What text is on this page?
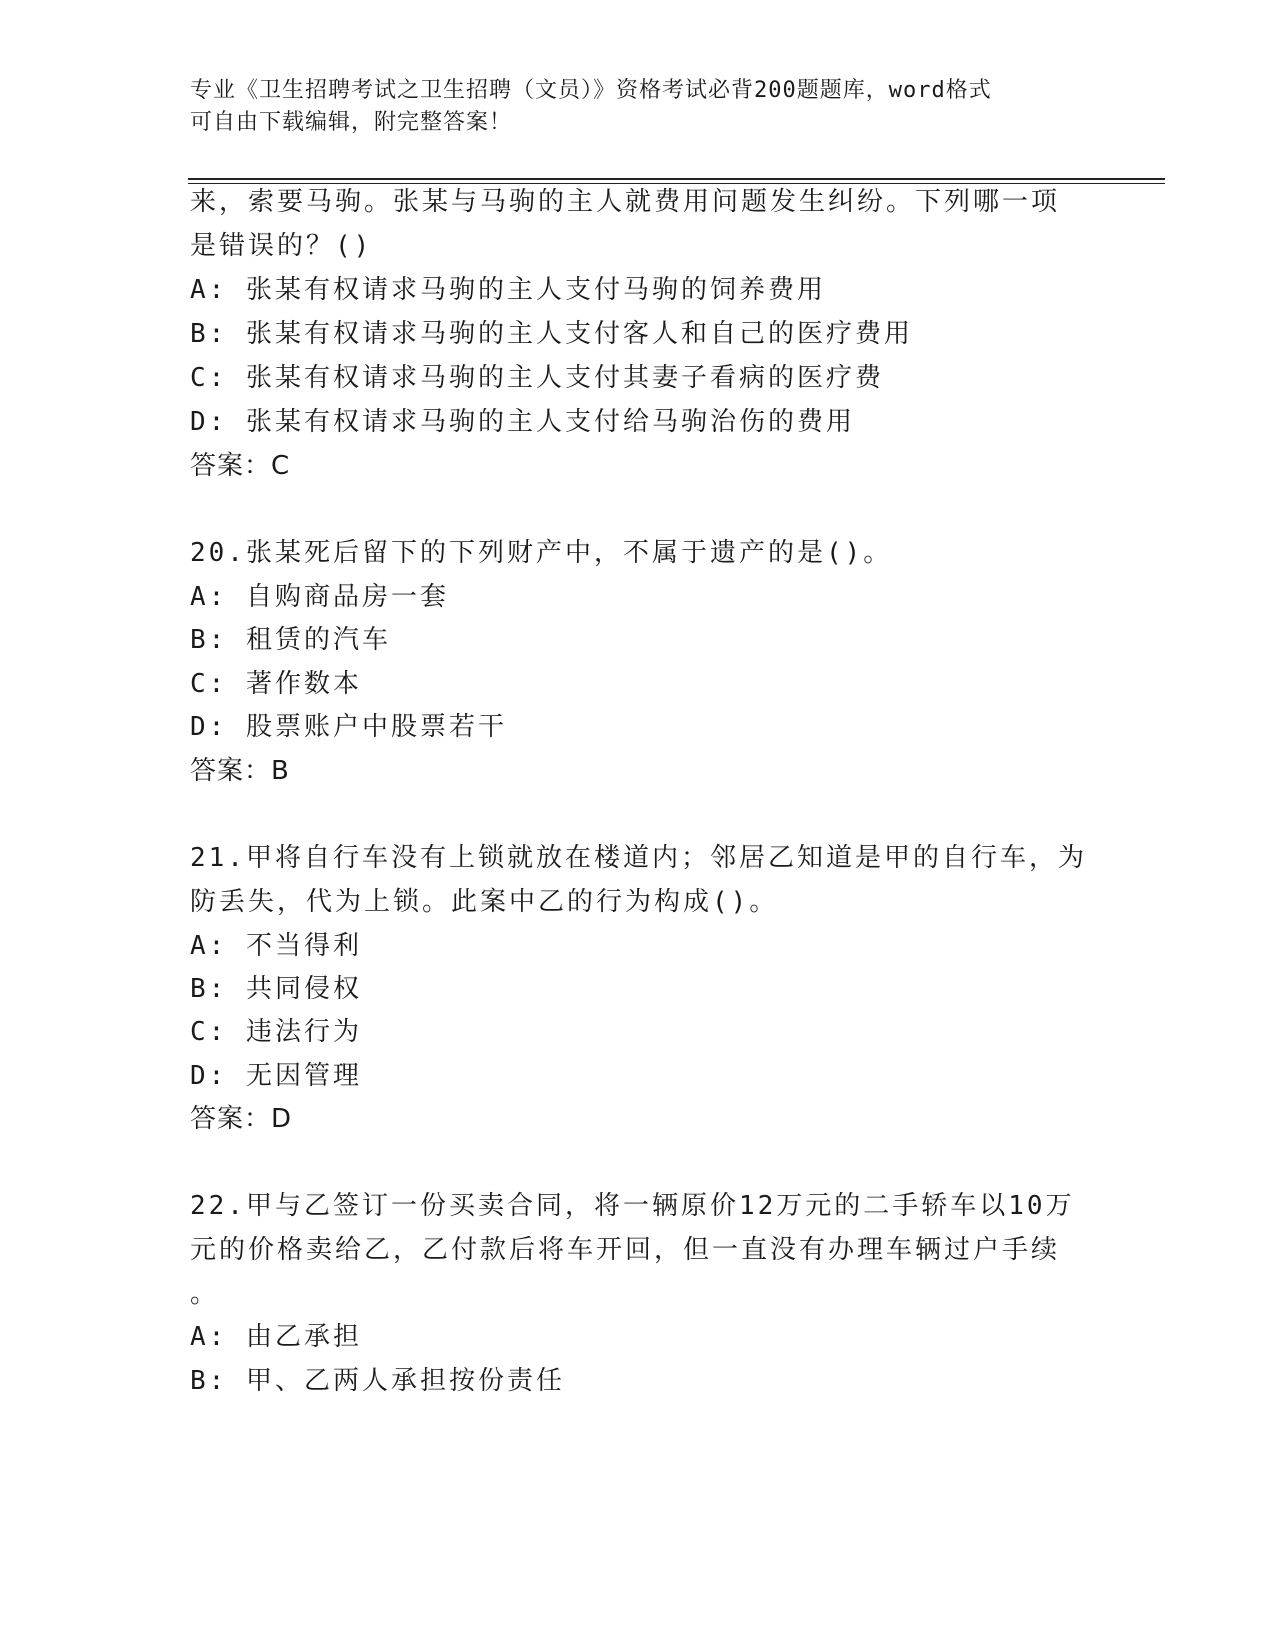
专业《卫生招聘考试之卫生招聘（文员）》资格考试必背200题题库，word格式
可自由下载编辑，附完整答案！
来，索要马驹。张某与马驹的主人就费用问题发生纠纷。下列哪一项
是错误的？()
A: 张某有权请求马驹的主人支付马驹的饲养费用
B: 张某有权请求马驹的主人支付客人和自己的医疗费用
C: 张某有权请求马驹的主人支付其妻子看病的医疗费
D: 张某有权请求马驹的主人支付给马驹治伤的费用
答案：C
20.张某死后留下的下列财产中，不属于遗产的是()。
A: 自购商品房一套
B: 租赁的汽车
C: 著作数本
D: 股票账户中股票若干
答案：B
21.甲将自行车没有上锁就放在楼道内；邻居乙知道是甲的自行车，为
防丢失，代为上锁。此案中乙的行为构成()。
A: 不当得利
B: 共同侵权
C: 违法行为
D: 无因管理
答案：D
22.甲与乙签订一份买卖合同，将一辆原价12万元的二手轿车以10万
元的价格卖给乙，乙付款后将车开回，但一直没有办理车辆过户手续
。
A: 由乙承担
B: 甲、乙两人承担按份责任
